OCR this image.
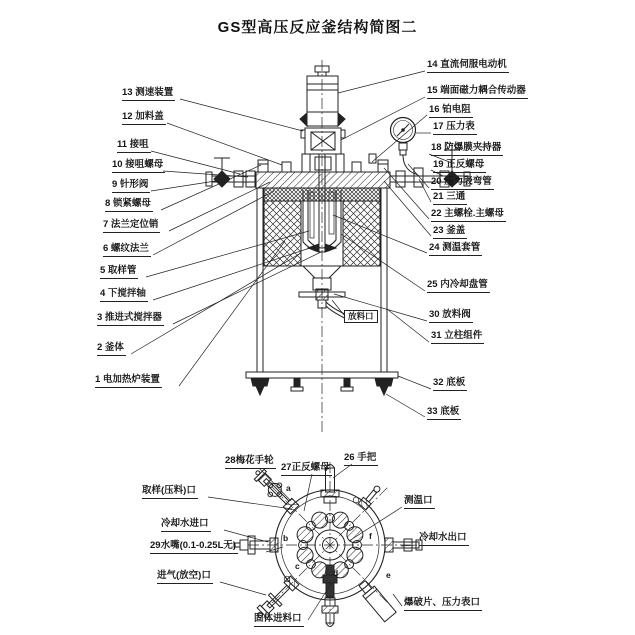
GS型高压反应釜结构简图二
13 测速装置
12 加料盖
11 接咀
10 接咀螺母
9 针形阀
8 锁紧螺母
7 法兰定位销
6 螺纹法兰
5 取样管
4 下搅拌轴
3 推进式搅拌器
2 釜体
1 电加热炉装置
14 直流伺服电动机
15 端面磁力耦合传动器
16 铂电阻
17 压力表
18 防爆膜夹持器
19 正反螺母
20 压力表弯管
21 三通
22 主螺栓.主螺母
23 釜盖
24 测温套管
25 内冷却盘管
30 放料阀
31 立柱组件
32 底板
33 底板
放料口
28梅花手轮
27正反螺母
26 手把
取样(压料)口
测温口
冷却水进口
冷却水出口
29水嘴(0.1-0.25L无)
进气(放空)口
爆破片、压力表口
固体进料口
a
b
c
d	e
f
